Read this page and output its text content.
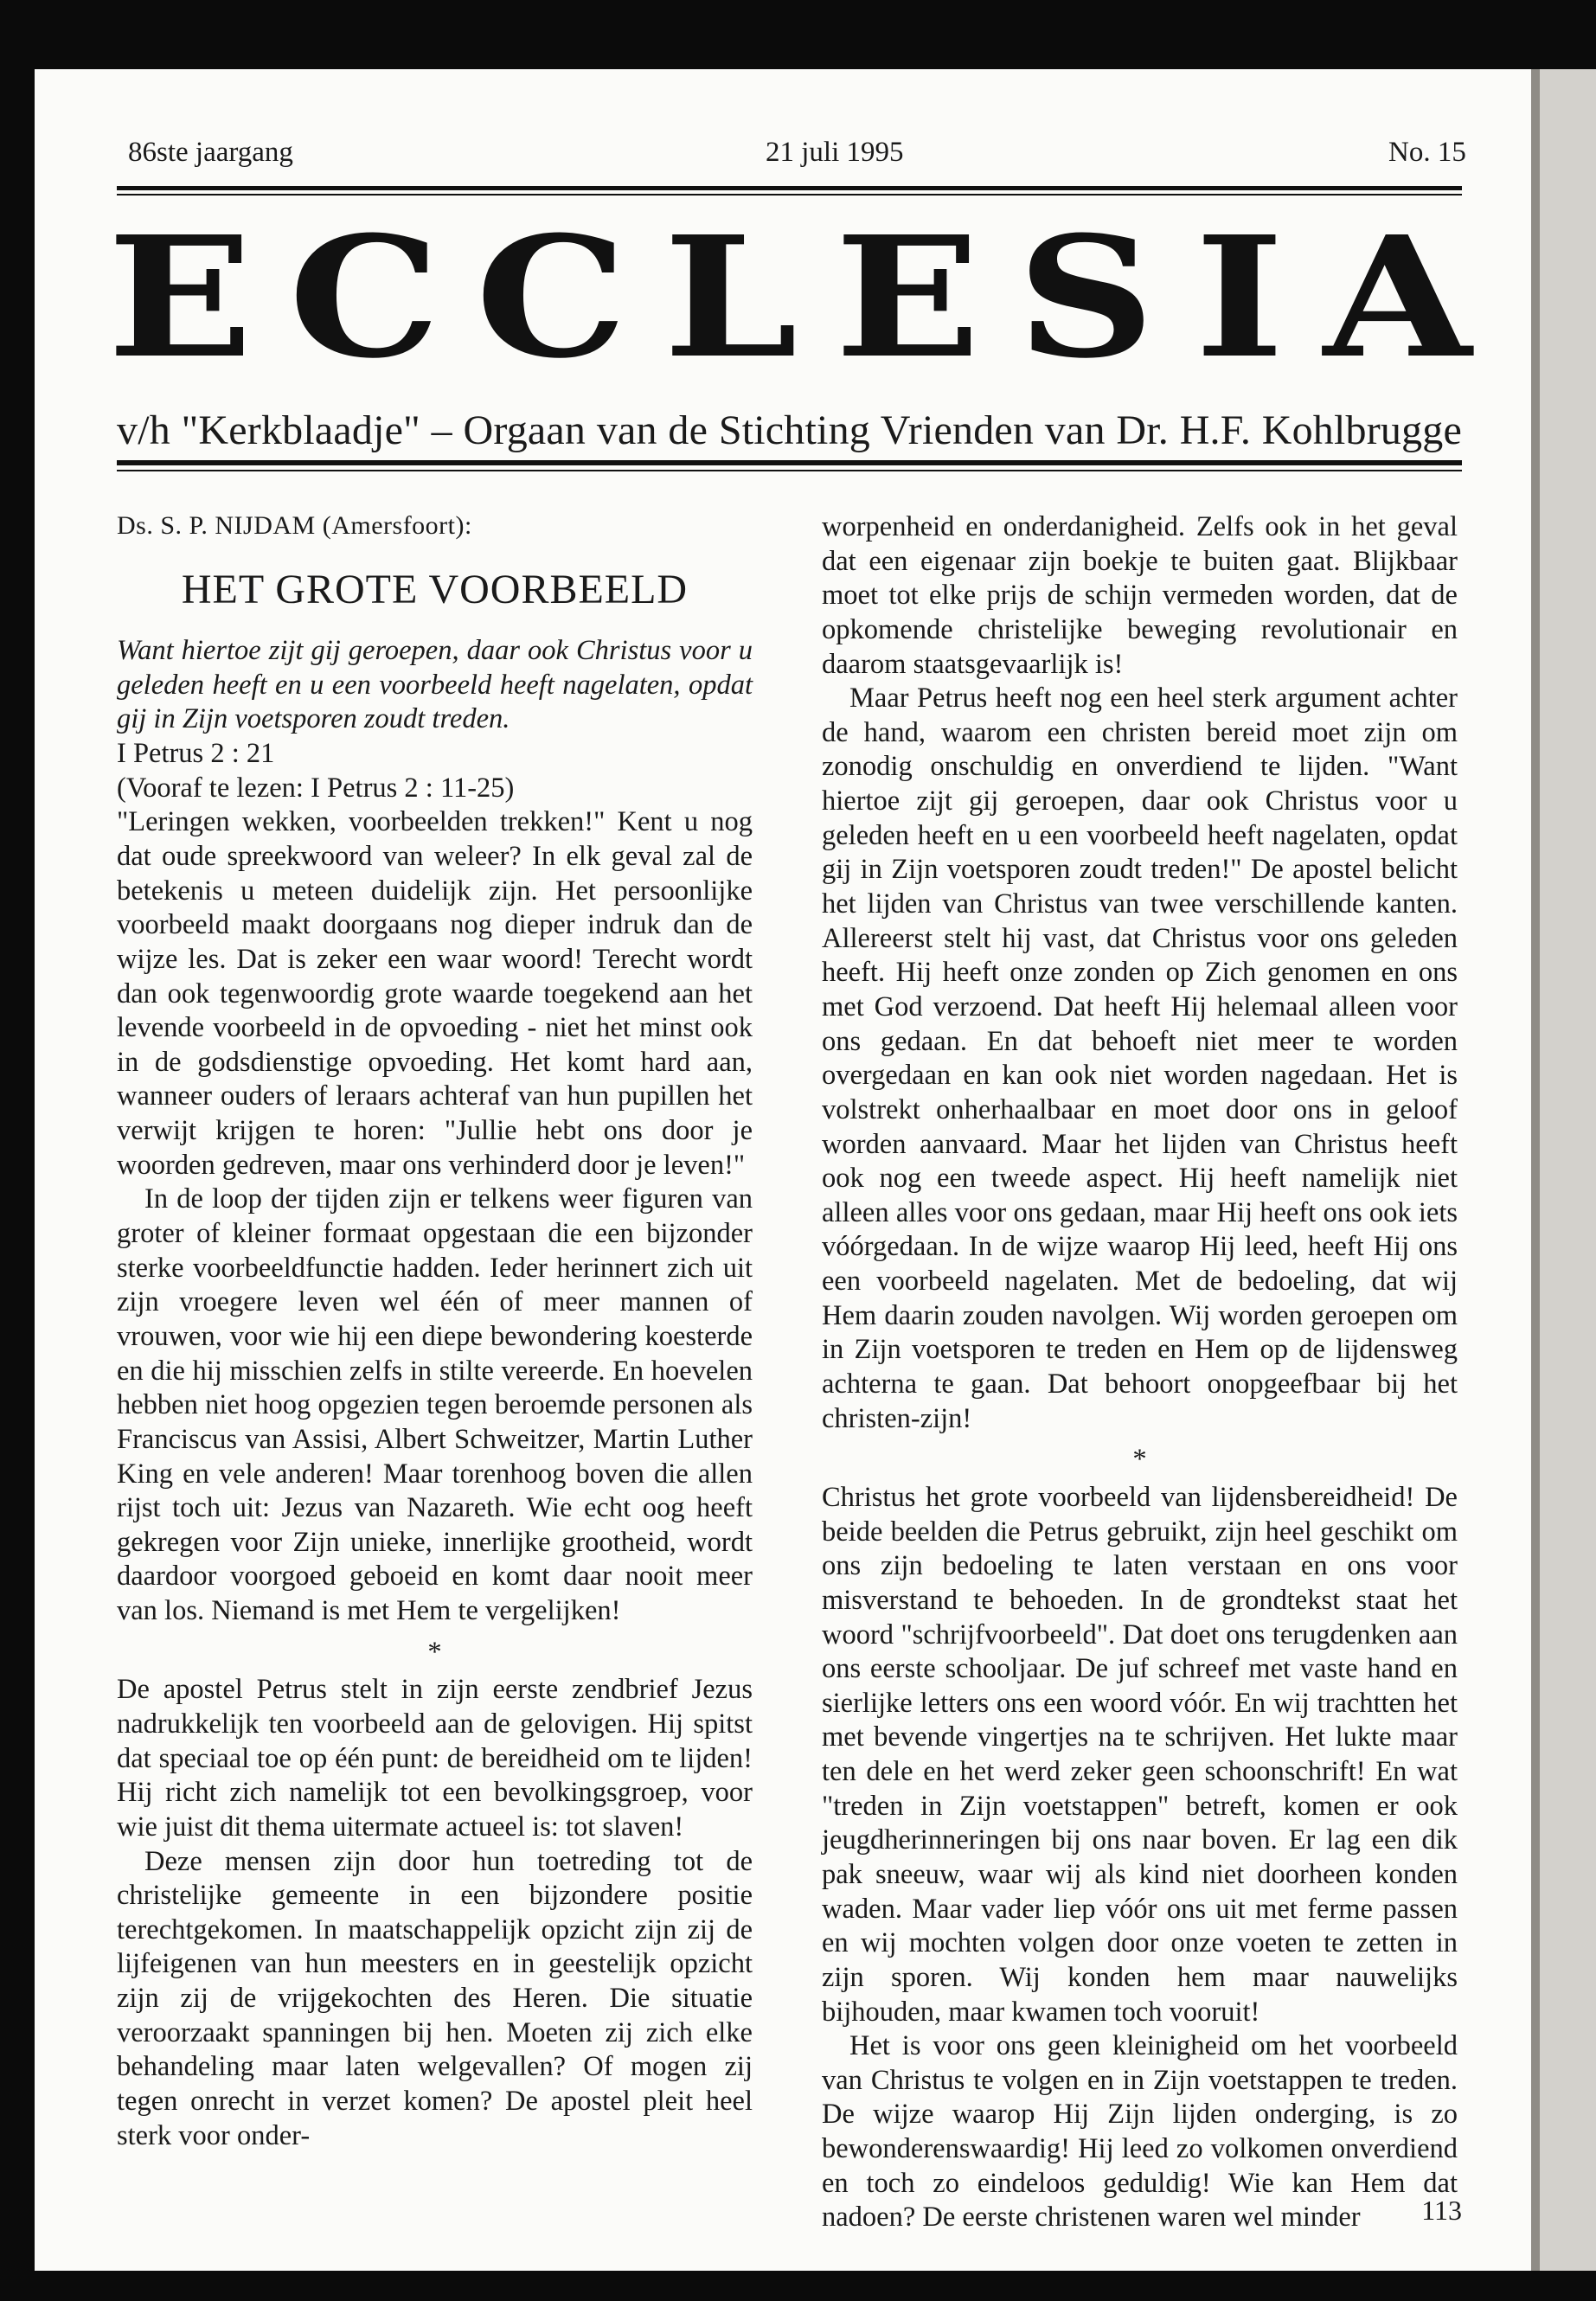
86ste jaargang	21 juli 1995	No. 15
E C C L E S I A
v/h "Kerkblaadje" – Orgaan van de Stichting Vrienden van Dr. H.F. Kohlbrugge
Ds. S. P. NIJDAM (Amersfoort):
HET GROTE VOORBEELD

Want hiertoe zijt gij geroepen, daar ook Christus voor u geleden heeft en u een voorbeeld heeft nagelaten, opdat gij in Zijn voetsporen zoudt treden.

I Petrus 2 : 21

(Vooraf te lezen: I Petrus 2 : 11-25)

"Leringen wekken, voorbeelden trekken!" Kent u nog dat oude spreekwoord van weleer? In elk geval zal de betekenis u meteen duidelijk zijn. Het persoonlijke voorbeeld maakt doorgaans nog dieper indruk dan de wijze les. Dat is zeker een waar woord! Terecht wordt dan ook tegenwoordig grote waarde toegekend aan het levende voorbeeld in de opvoeding - niet het minst ook in de godsdienstige opvoeding. Het komt hard aan, wanneer ouders of leraars achteraf van hun pupillen het verwijt krijgen te horen: "Jullie hebt ons door je woorden gedreven, maar ons verhinderd door je leven!"

In de loop der tijden zijn er telkens weer figuren van groter of kleiner formaat opgestaan die een bijzonder sterke voorbeeldfunctie hadden. Ieder herinnert zich uit zijn vroegere leven wel één of meer mannen of vrouwen, voor wie hij een diepe bewondering koesterde en die hij misschien zelfs in stilte vereerde. En hoevelen hebben niet hoog opgezien tegen beroemde personen als Franciscus van Assisi, Albert Schweitzer, Martin Luther King en vele anderen! Maar torenhoog boven die allen rijst toch uit: Jezus van Nazareth. Wie echt oog heeft gekregen voor Zijn unieke, innerlijke grootheid, wordt daardoor voorgoed geboeid en komt daar nooit meer van los. Niemand is met Hem te vergelijken!

*

De apostel Petrus stelt in zijn eerste zendbrief Jezus nadrukkelijk ten voorbeeld aan de gelovigen. Hij spitst dat speciaal toe op één punt: de bereidheid om te lijden! Hij richt zich namelijk tot een bevolkingsgroep, voor wie juist dit thema uitermate actueel is: tot slaven!

Deze mensen zijn door hun toetreding tot de christelijke gemeente in een bijzondere positie terechtgekomen. In maatschappelijk opzicht zijn zij de lijfeigenen van hun meesters en in geestelijk opzicht zijn zij de vrijgekochten des Heren. Die situatie veroorzaakt spanningen bij hen. Moeten zij zich elke behandeling maar laten welgevallen? Of mogen zij tegen onrecht in verzet komen? De apostel pleit heel sterk voor onder-

worpenheid en onderdanigheid. Zelfs ook in het geval dat een eigenaar zijn boekje te buiten gaat. Blijkbaar moet tot elke prijs de schijn vermeden worden, dat de opkomende christelijke beweging revolutionair en daarom staatsgevaarlijk is!

Maar Petrus heeft nog een heel sterk argument achter de hand, waarom een christen bereid moet zijn om zonodig onschuldig en onverdiend te lijden. "Want hiertoe zijt gij geroepen, daar ook Christus voor u geleden heeft en u een voorbeeld heeft nagelaten, opdat gij in Zijn voetsporen zoudt treden!" De apostel belicht het lijden van Christus van twee verschillende kanten. Allereerst stelt hij vast, dat Christus voor ons geleden heeft. Hij heeft onze zonden op Zich genomen en ons met God verzoend. Dat heeft Hij helemaal alleen voor ons gedaan. En dat behoeft niet meer te worden overgedaan en kan ook niet worden nagedaan. Het is volstrekt onherhaalbaar en moet door ons in geloof worden aanvaard. Maar het lijden van Christus heeft ook nog een tweede aspect. Hij heeft namelijk niet alleen alles voor ons gedaan, maar Hij heeft ons ook iets vóórgedaan. In de wijze waarop Hij leed, heeft Hij ons een voorbeeld nagelaten. Met de bedoeling, dat wij Hem daarin zouden navolgen. Wij worden geroepen om in Zijn voetsporen te treden en Hem op de lijdensweg achterna te gaan. Dat behoort onopgeefbaar bij het christen-zijn!

*

Christus het grote voorbeeld van lijdensbereidheid! De beide beelden die Petrus gebruikt, zijn heel geschikt om ons zijn bedoeling te laten verstaan en ons voor misverstand te behoeden. In de grondtekst staat het woord "schrijfvoorbeeld". Dat doet ons terugdenken aan ons eerste schooljaar. De juf schreef met vaste hand en sierlijke letters ons een woord vóór. En wij trachtten het met bevende vingertjes na te schrijven. Het lukte maar ten dele en het werd zeker geen schoonschrift! En wat "treden in Zijn voetstappen" betreft, komen er ook jeugdherinneringen bij ons naar boven. Er lag een dik pak sneeuw, waar wij als kind niet doorheen konden waden. Maar vader liep vóór ons uit met ferme passen en wij mochten volgen door onze voeten te zetten in zijn sporen. Wij konden hem maar nauwelijks bijhouden, maar kwamen toch vooruit!

Het is voor ons geen kleinigheid om het voorbeeld van Christus te volgen en in Zijn voetstappen te treden. De wijze waarop Hij Zijn lijden onderging, is zo bewonderenswaardig! Hij leed zo volkomen onverdiend en toch zo eindeloos geduldig! Wie kan Hem dat nadoen? De eerste christenen waren wel minder	113
